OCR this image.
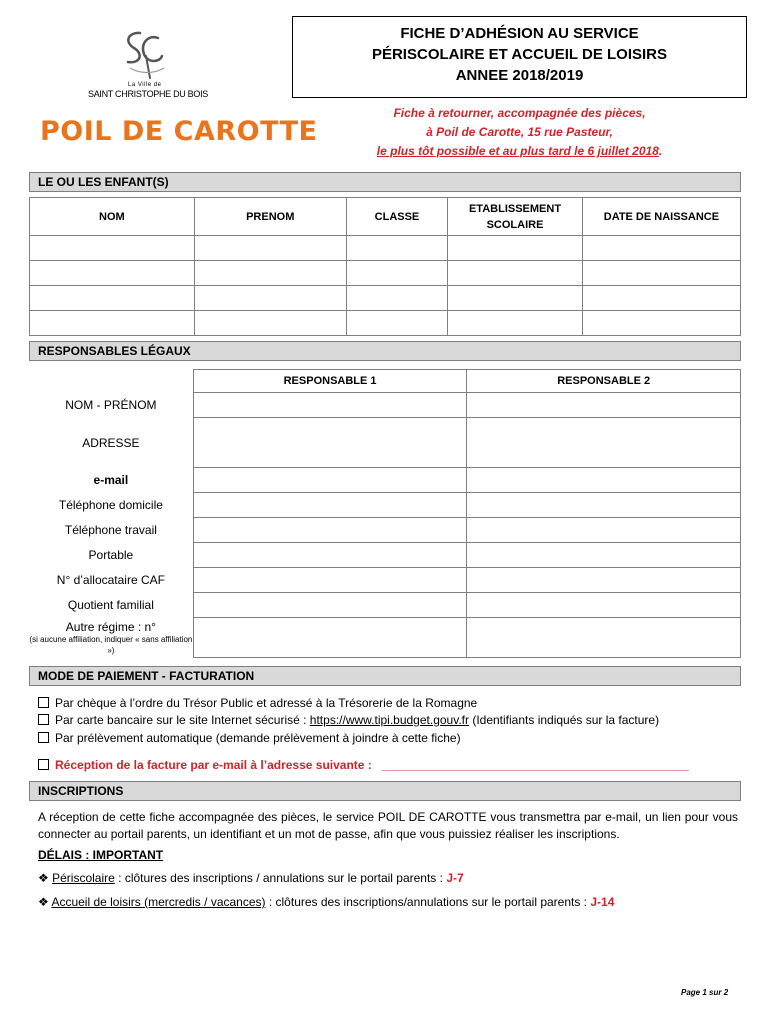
La Ville de
SAINT CHRISTOPHE DU BOIS
POIL DE CAROTTE
FICHE D’ADHÉSION AU SERVICE
PÉRISCOLAIRE ET ACCUEIL DE LOISIRS
ANNEE 2018/2019
Fiche à retourner, accompagnée des pièces,
à Poil de Carotte, 15 rue Pasteur,
le plus tôt possible et au plus tard le 6 juillet 2018.
LE OU LES ENFANT(S)
NOM	PRENOM	CLASSE	ETABLISSEMENT SCOLAIRE	DATE DE NAISSANCE

RESPONSABLES LÉGAUX
	RESPONSABLE 1	RESPONSABLE 2
NOM - PRÉNOM		
ADRESSE		
e-mail		
Téléphone domicile		
Téléphone travail		
Portable		
N° d’allocataire CAF		
Quotient familial		

Autre régime : n°
(si aucune affiliation, indiquer « sans affiliation »)		

MODE DE PAIEMENT - FACTURATION
Par chèque à l’ordre du Trésor Public et adressé à la Trésorerie de la Romagne
Par carte bancaire sur le site Internet sécurisé : https://www.tipi.budget.gouv.fr (Identifiants indiqués sur la facture)
Par prélèvement automatique (demande prélèvement à joindre à cette fiche)
Réception de la facture par e-mail à l’adresse suivante : ______________________________________________
INSCRIPTIONS
A réception de cette fiche accompagnée des pièces, le service POIL DE CAROTTE vous transmettra par e-mail, un lien pour vous connecter au portail parents, un identifiant et un mot de passe, afin que vous puissiez réaliser les inscriptions.
DÉLAIS : IMPORTANT
❖ Périscolaire : clôtures des inscriptions / annulations sur le portail parents : J-7
❖ Accueil de loisirs (mercredis / vacances) : clôtures des inscriptions/annulations sur le portail parents : J-14
Page 1 sur 2
